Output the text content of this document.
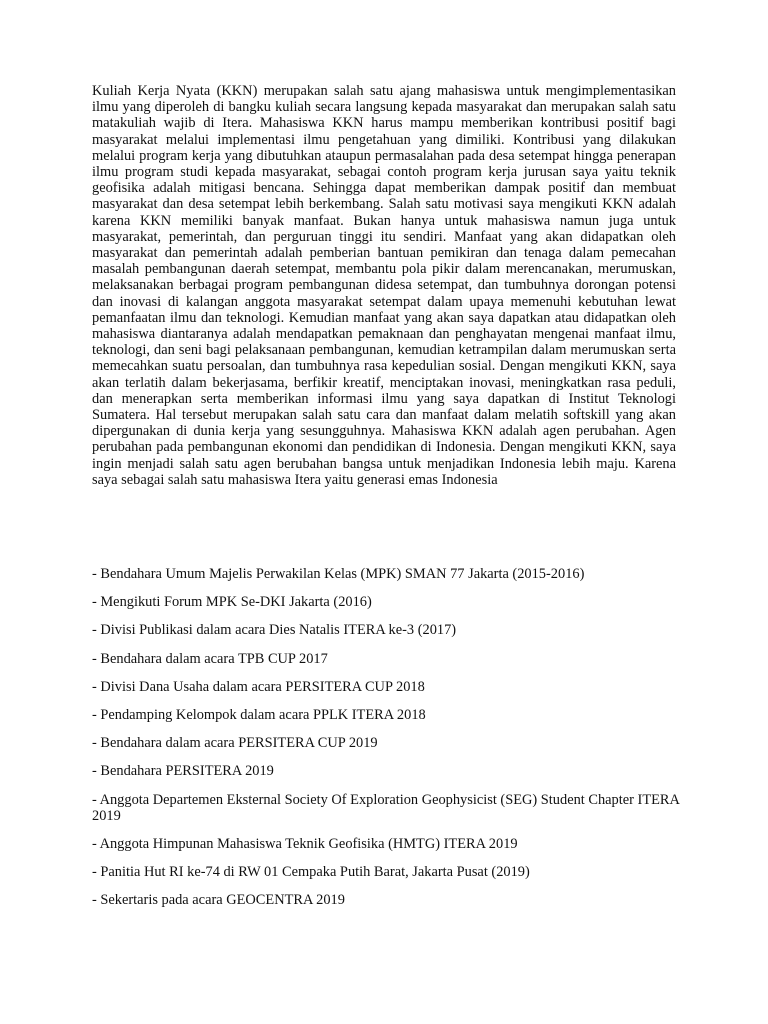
Kuliah Kerja Nyata (KKN) merupakan salah satu ajang mahasiswa untuk mengimplementasikan ilmu yang diperoleh di bangku kuliah secara langsung kepada masyarakat dan merupakan salah satu matakuliah wajib di Itera. Mahasiswa KKN harus mampu memberikan kontribusi positif bagi masyarakat melalui implementasi ilmu pengetahuan yang dimiliki. Kontribusi yang dilakukan melalui program kerja yang dibutuhkan ataupun permasalahan pada desa setempat hingga penerapan ilmu program studi kepada masyarakat, sebagai contoh program kerja jurusan saya yaitu teknik geofisika adalah mitigasi bencana. Sehingga dapat memberikan dampak positif dan membuat masyarakat dan desa setempat lebih berkembang. Salah satu motivasi saya mengikuti KKN adalah karena KKN memiliki banyak manfaat. Bukan hanya untuk mahasiswa namun juga untuk masyarakat, pemerintah, dan perguruan tinggi itu sendiri. Manfaat yang akan didapatkan oleh masyarakat dan pemerintah adalah pemberian bantuan pemikiran dan tenaga dalam pemecahan masalah pembangunan daerah setempat, membantu pola pikir dalam merencanakan, merumuskan, melaksanakan berbagai program pembangunan didesa setempat, dan tumbuhnya dorongan potensi dan inovasi di kalangan anggota masyarakat setempat dalam upaya memenuhi kebutuhan lewat pemanfaatan ilmu dan teknologi. Kemudian manfaat yang akan saya dapatkan atau didapatkan oleh mahasiswa diantaranya adalah mendapatkan pemaknaan dan penghayatan mengenai manfaat ilmu, teknologi, dan seni bagi pelaksanaan pembangunan, kemudian ketrampilan dalam merumuskan serta memecahkan suatu persoalan, dan tumbuhnya rasa kepedulian sosial. Dengan mengikuti KKN, saya akan terlatih dalam bekerjasama, berfikir kreatif, menciptakan inovasi, meningkatkan rasa peduli, dan menerapkan serta memberikan informasi ilmu yang saya dapatkan di Institut Teknologi Sumatera. Hal tersebut merupakan salah satu cara dan manfaat dalam melatih softskill yang akan dipergunakan di dunia kerja yang sesungguhnya. Mahasiswa KKN adalah agen perubahan. Agen perubahan pada pembangunan ekonomi dan pendidikan di Indonesia. Dengan mengikuti KKN, saya ingin menjadi salah satu agen berubahan bangsa untuk menjadikan Indonesia lebih maju. Karena saya sebagai salah satu mahasiswa Itera yaitu generasi emas Indonesia

- Bendahara Umum Majelis Perwakilan Kelas (MPK) SMAN 77 Jakarta (2015-2016)
- Mengikuti Forum MPK Se-DKI Jakarta (2016)
- Divisi Publikasi dalam acara Dies Natalis ITERA ke-3 (2017)
- Bendahara dalam acara TPB CUP 2017
- Divisi Dana Usaha dalam acara PERSITERA CUP 2018
- Pendamping Kelompok dalam acara PPLK ITERA 2018
- Bendahara dalam acara PERSITERA CUP 2019
- Bendahara PERSITERA 2019
- Anggota Departemen Eksternal Society Of Exploration Geophysicist (SEG) Student Chapter ITERA 2019
- Anggota Himpunan Mahasiswa Teknik Geofisika (HMTG) ITERA 2019
- Panitia Hut RI ke-74 di RW 01 Cempaka Putih Barat, Jakarta Pusat (2019)
- Sekertaris pada acara GEOCENTRA 2019
